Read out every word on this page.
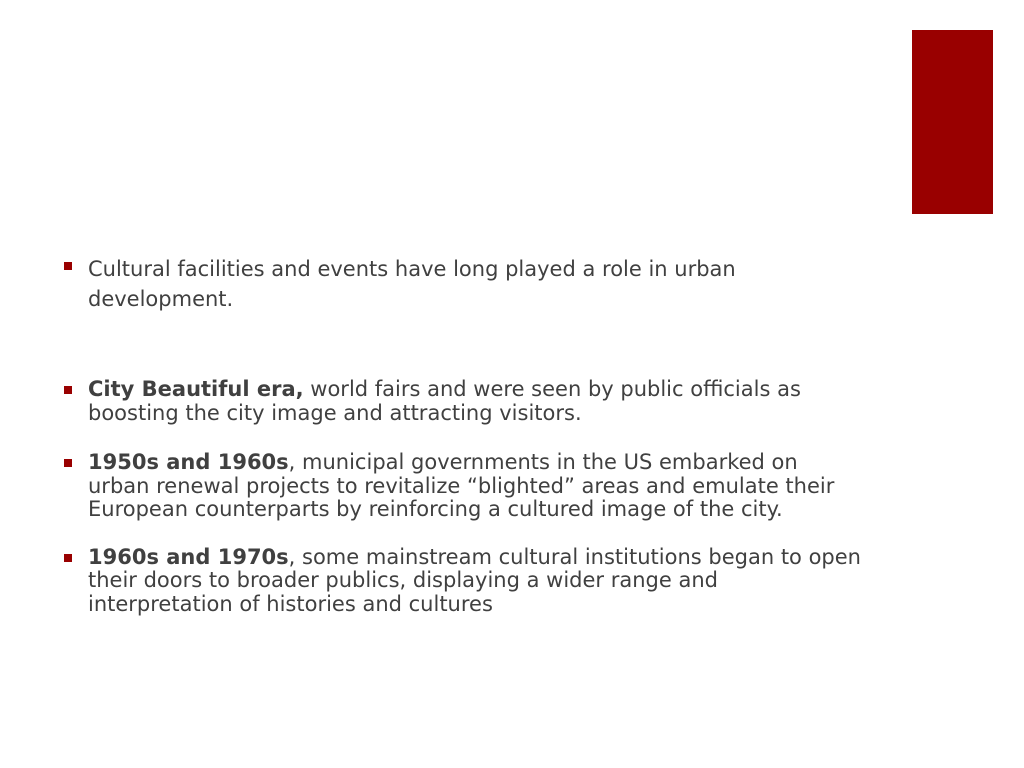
Cultural facilities and events have long played a role in urban development.
City Beautiful era, world fairs and were seen by public officials as boosting the city image and attracting visitors.
1950s and 1960s, municipal governments in the US embarked on urban renewal projects to revitalize “blighted” areas and emulate their European counterparts by reinforcing a cultured image of the city.
1960s and 1970s, some mainstream cultural institutions began to open their doors to broader publics, displaying a wider range and interpretation of histories and cultures
